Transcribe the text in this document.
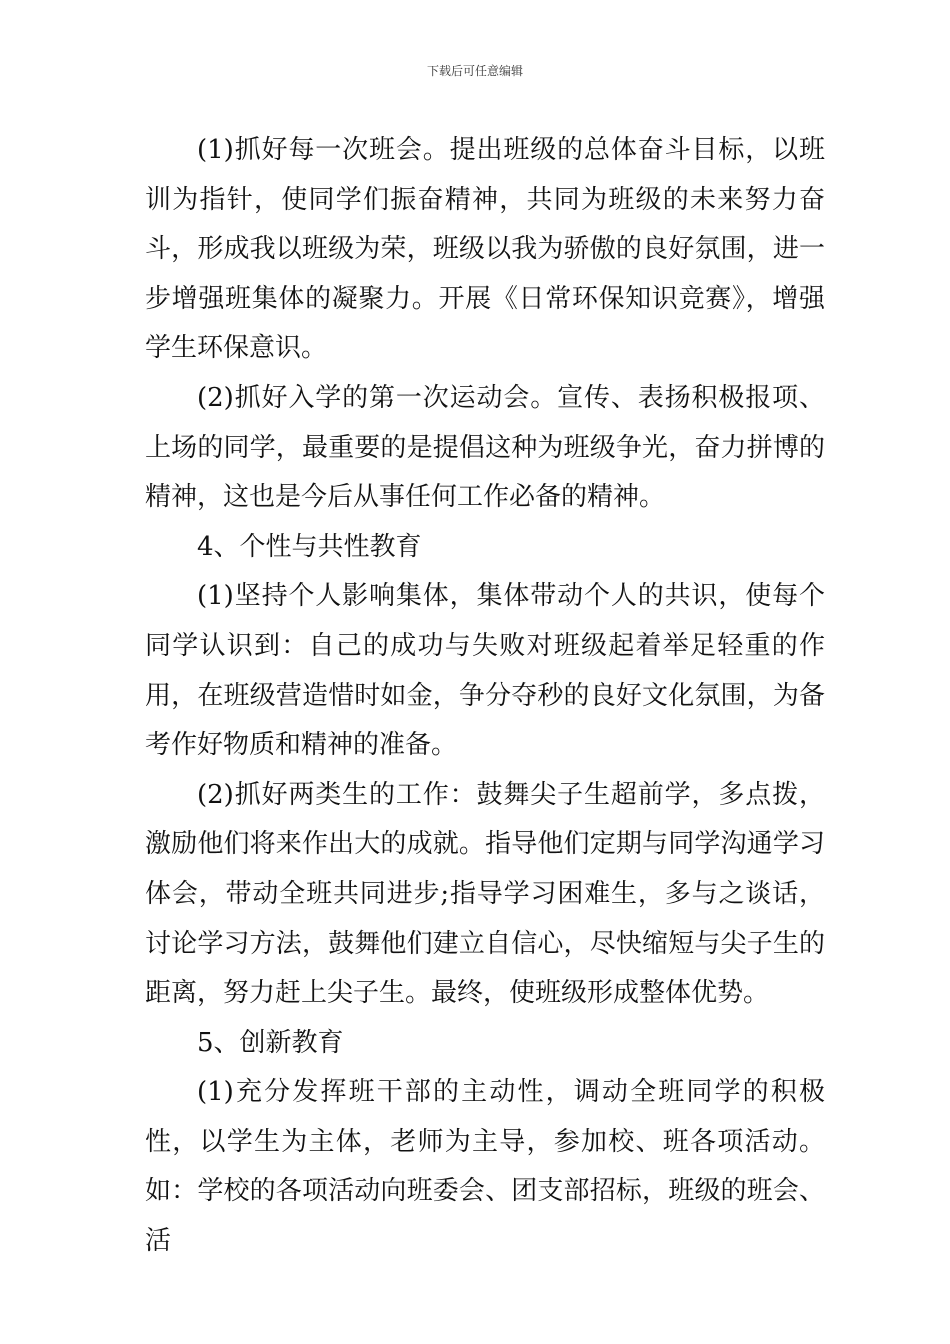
下载后可任意编辑

(1)抓好每一次班会。提出班级的总体奋斗目标，以班训为指针，使同学们振奋精神，共同为班级的未来努力奋斗，形成我以班级为荣，班级以我为骄傲的良好氛围，进一步增强班集体的凝聚力。开展《日常环保知识竞赛》，增强学生环保意识。

(2)抓好入学的第一次运动会。宣传、表扬积极报项、上场的同学，最重要的是提倡这种为班级争光，奋力拼博的精神，这也是今后从事任何工作必备的精神。

4、个性与共性教育

(1)坚持个人影响集体，集体带动个人的共识，使每个同学认识到：自己的成功与失败对班级起着举足轻重的作用，在班级营造惜时如金，争分夺秒的良好文化氛围，为备考作好物质和精神的准备。

(2)抓好两类生的工作：鼓舞尖子生超前学，多点拨，激励他们将来作出大的成就。指导他们定期与同学沟通学习体会，带动全班共同进步;指导学习困难生，多与之谈话，讨论学习方法，鼓舞他们建立自信心，尽快缩短与尖子生的距离，努力赶上尖子生。最终，使班级形成整体优势。

5、创新教育

(1)充分发挥班干部的主动性，调动全班同学的积极性，以学生为主体，老师为主导，参加校、班各项活动。如：学校的各项活动向班委会、团支部招标，班级的班会、活
